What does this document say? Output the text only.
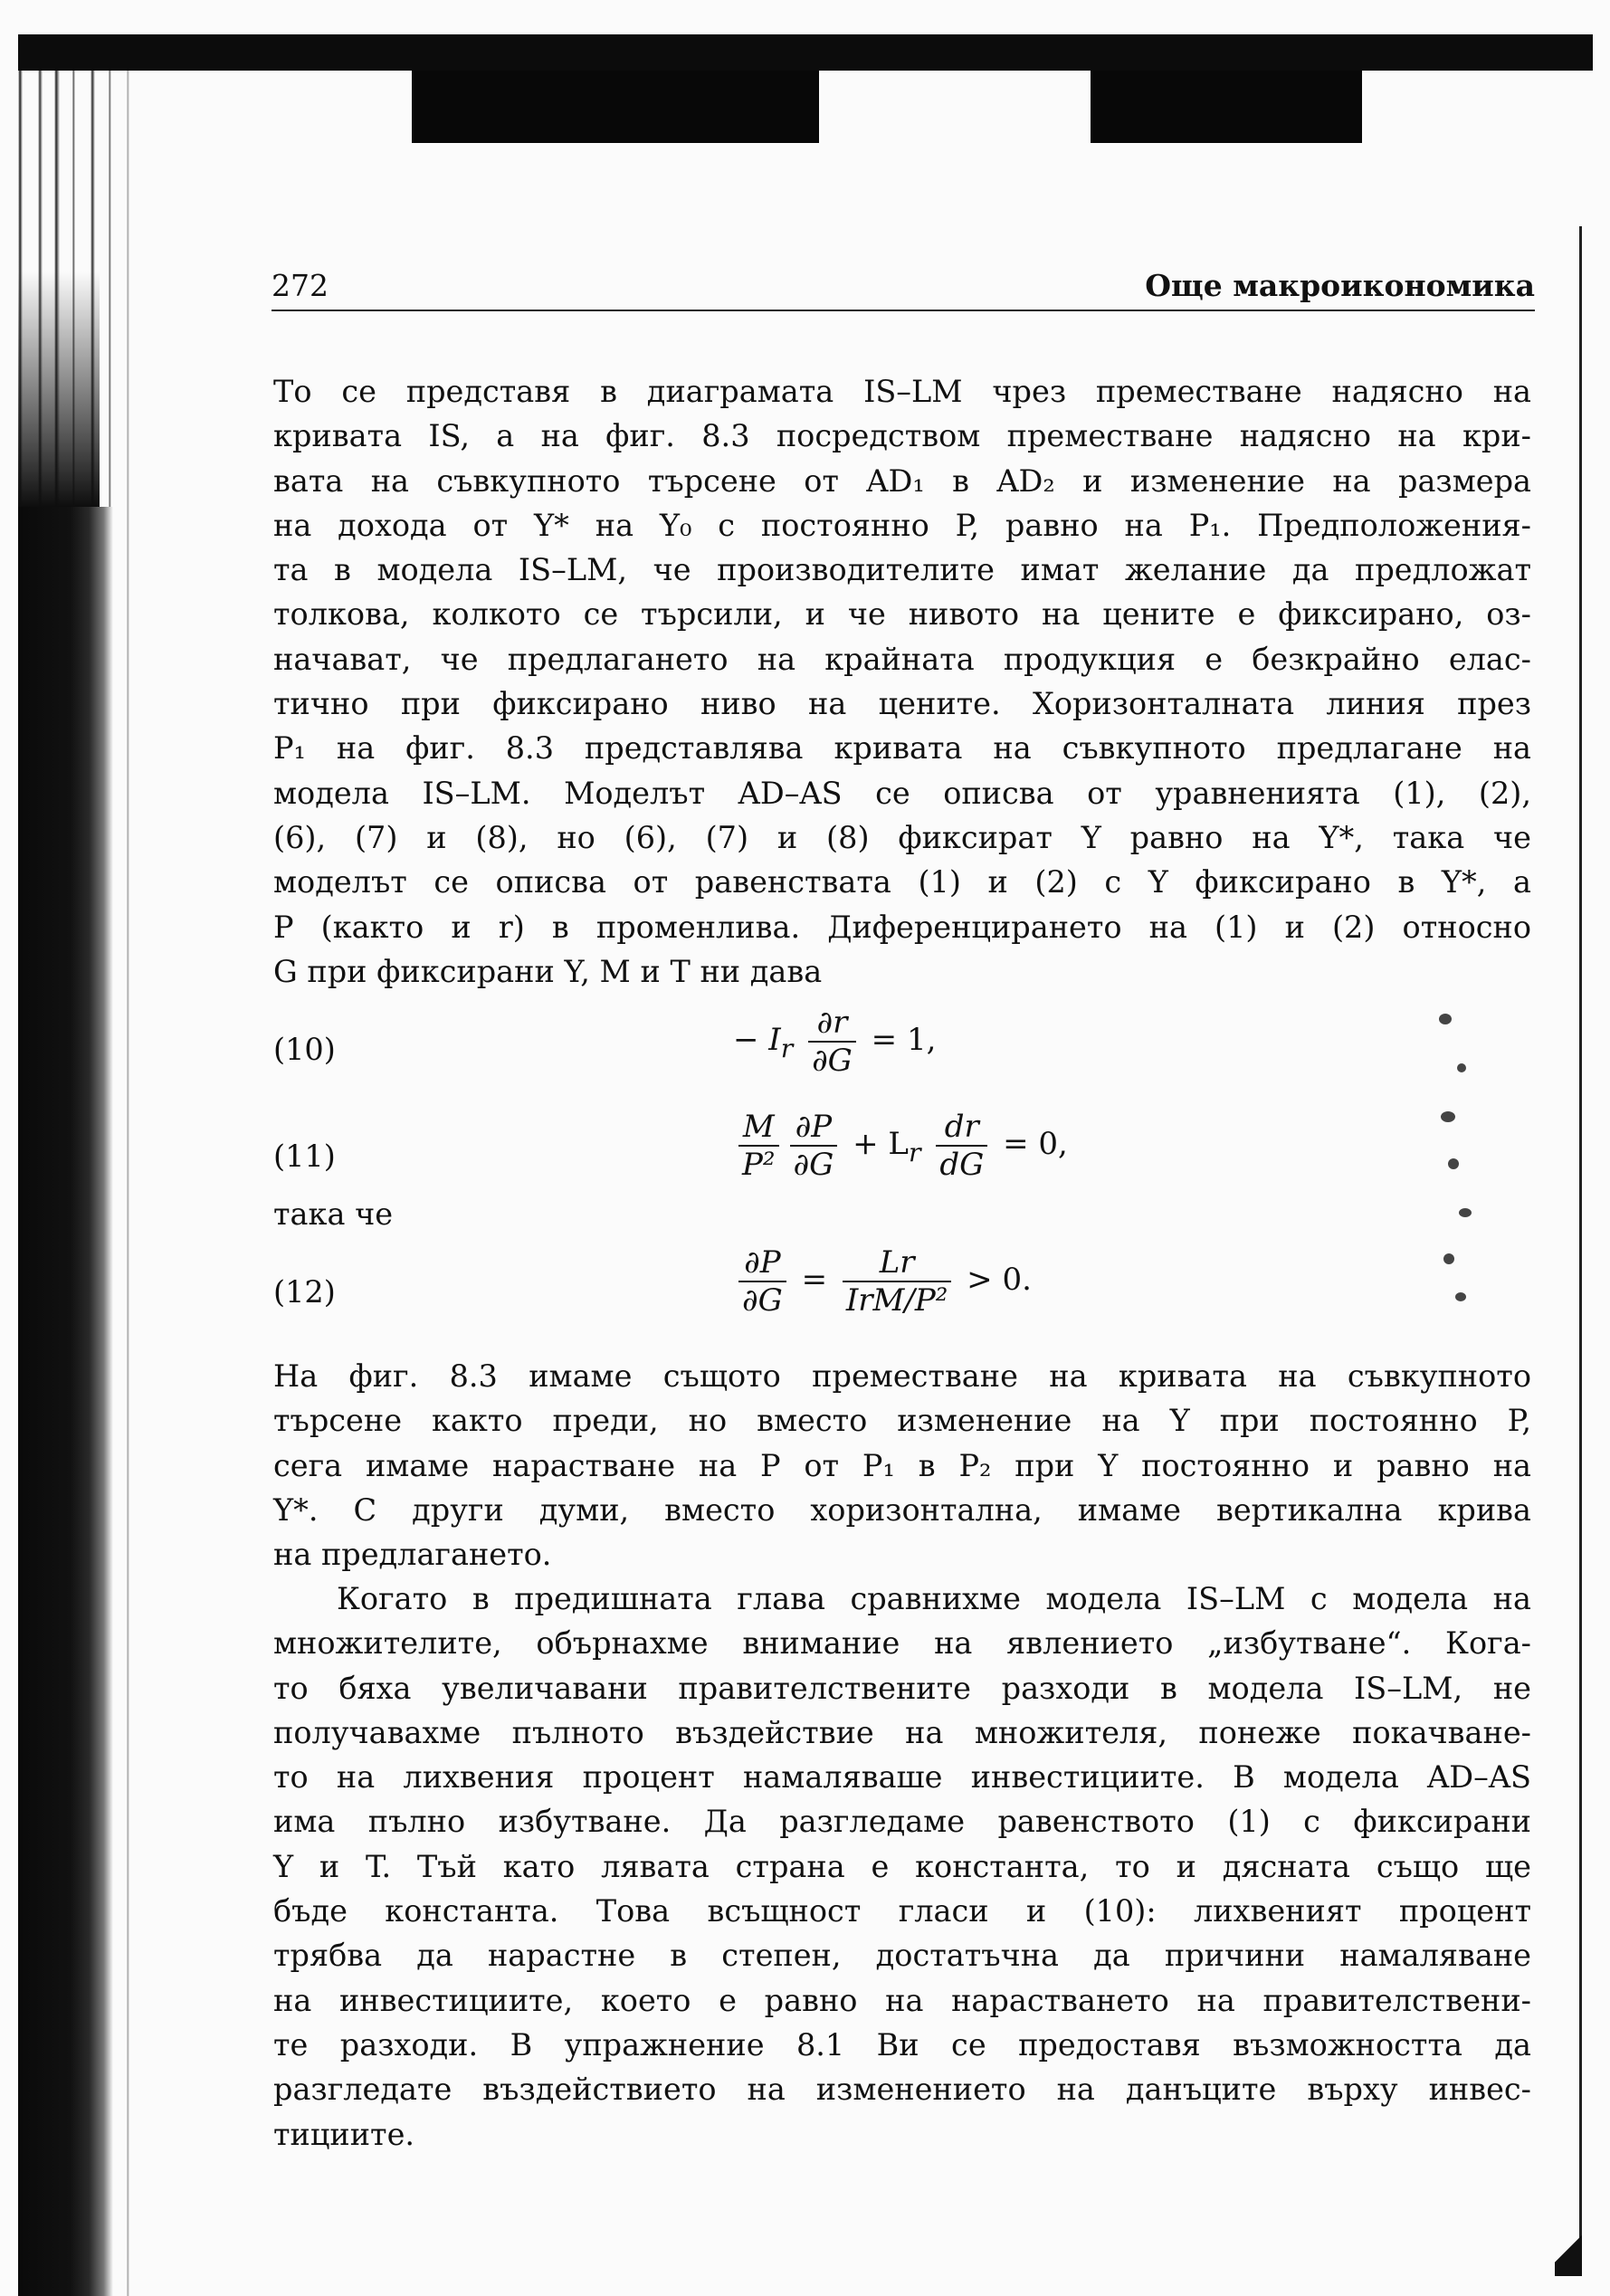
272	Още макроикономика
То се представя в диаграмата IS–LM чрез преместване надясно на
кривата IS, а на фиг. 8.3 посредством преместване надясно на кри-
вата на съвкупното търсене от AD₁ в AD₂ и изменение на размера
на дохода от Y* на Y₀ с постоянно P, равно на P₁. Предположения-
та в модела IS–LM, че производителите имат желание да предложат
толкова, колкото се търсили, и че нивото на цените е фиксирано, оз-
начават, че предлагането на крайната продукция е безкрайно елас-
тично при фиксирано ниво на цените. Хоризонталната линия през
P₁ на фиг. 8.3 представлява кривата на съвкупното предлагане на
модела IS–LM. Моделът AD–AS се описва от уравненията (1), (2),
(6), (7) и (8), но (6), (7) и (8) фиксират Y равно на Y*, така че
моделът се описва от равенствата (1) и (2) с Y фиксирано в Y*, а
P (както и r) в променлива. Диференцирането на (1) и (2) относно
G при фиксирани Y, M и T ни дава
(10)	− $I_r \frac{\partial r}{\partial G} = 1$,
(11)	$\frac{M}{\text{P²}} \frac{\partial P}{\partial G} + L_r \frac{dr}{dG} = 0$,
така че
(12)	$\frac{\partial P}{\partial G} = \frac{Lr}{\text{IrM/P²}} > 0$.
На фиг. 8.3 имаме същото преместване на кривата на съвкупното
търсене както преди, но вместо изменение на Y при постоянно P,
сега имаме нарастване на P от P₁ в P₂ при Y постоянно и равно на
Y*. С други думи, вместо хоризонтална, имаме вертикална крива
на предлагането.
Когато в предишната глава сравнихме модела IS–LM с модела на
множителите, обърнахме внимание на явлението „избутване“. Кога-
то бяха увеличавани правителствените разходи в модела IS–LM, не
получавахме пълното въздействие на множителя, понеже покачване-
то на лихвения процент намаляваше инвестициите. В модела AD–AS
има пълно избутване. Да разгледаме равенството (1) с фиксирани
Y и T. Тъй като лявата страна е константа, то и дясната също ще
бъде константа. Това всъщност гласи и (10): лихвеният процент
трябва да нарастне в степен, достатъчна да причини намаляване
на инвестициите, което е равно на нарастването на правителствени-
те разходи. В упражнение 8.1 Ви се предоставя възможността да
разгледате въздействието на изменението на данъците върху инвес-
тициите.
